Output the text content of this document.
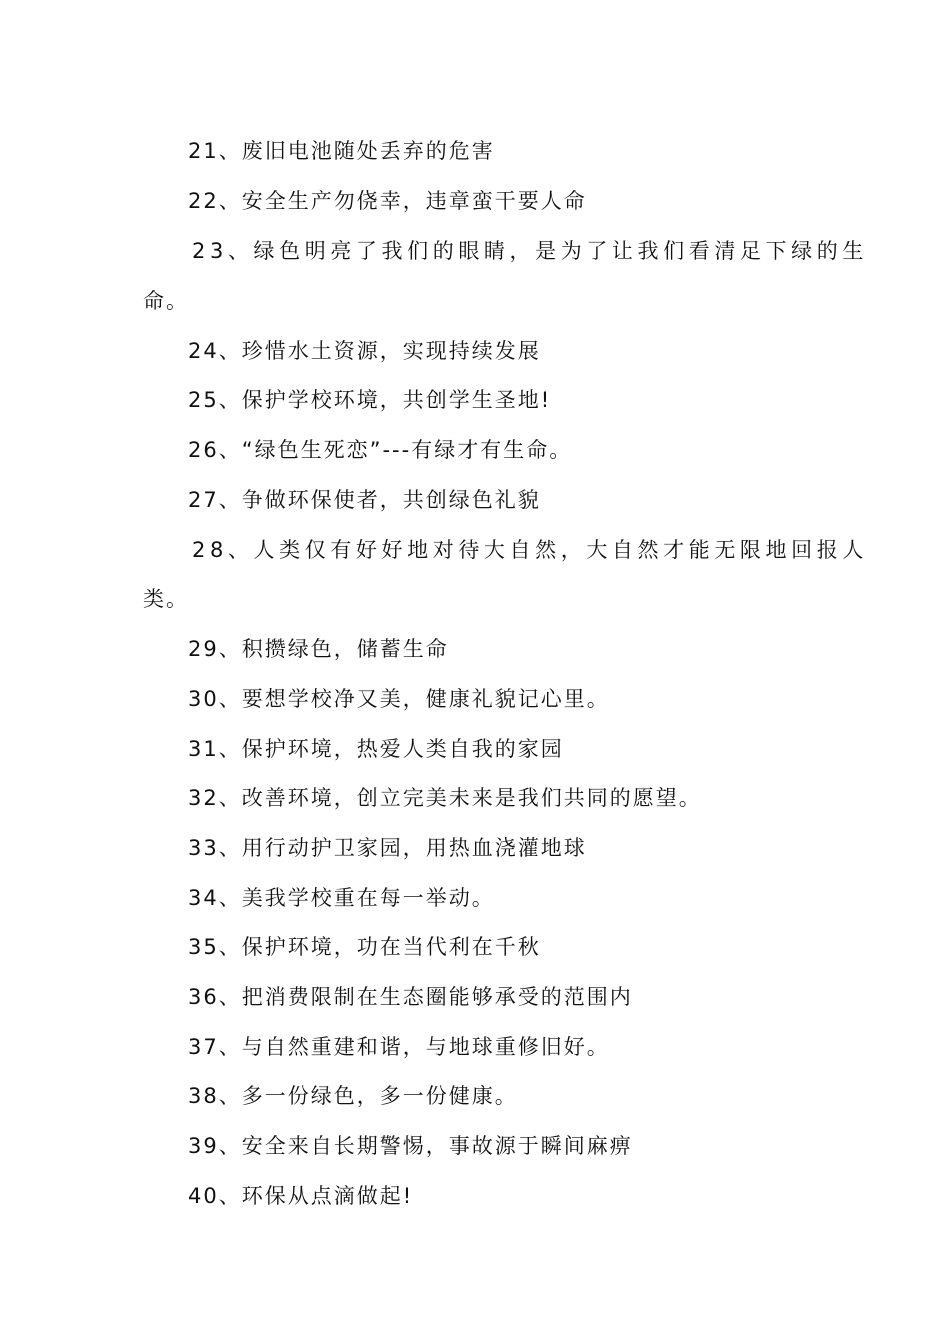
21、废旧电池随处丢弃的危害
22、安全生产勿侥幸，违章蛮干要人命
23、绿色明亮了我们的眼睛，是为了让我们看清足下绿的生
命。
24、珍惜水土资源，实现持续发展
25、保护学校环境，共创学生圣地!
26、“绿色生死恋”---有绿才有生命。
27、争做环保使者，共创绿色礼貌
28、人类仅有好好地对待大自然，大自然才能无限地回报人
类。
29、积攒绿色，储蓄生命
30、要想学校净又美，健康礼貌记心里。
31、保护环境，热爱人类自我的家园
32、改善环境，创立完美未来是我们共同的愿望。
33、用行动护卫家园，用热血浇灌地球
34、美我学校重在每一举动。
35、保护环境，功在当代利在千秋
36、把消费限制在生态圈能够承受的范围内
37、与自然重建和谐，与地球重修旧好。
38、多一份绿色，多一份健康。
39、安全来自长期警惕，事故源于瞬间麻痹
40、环保从点滴做起!
